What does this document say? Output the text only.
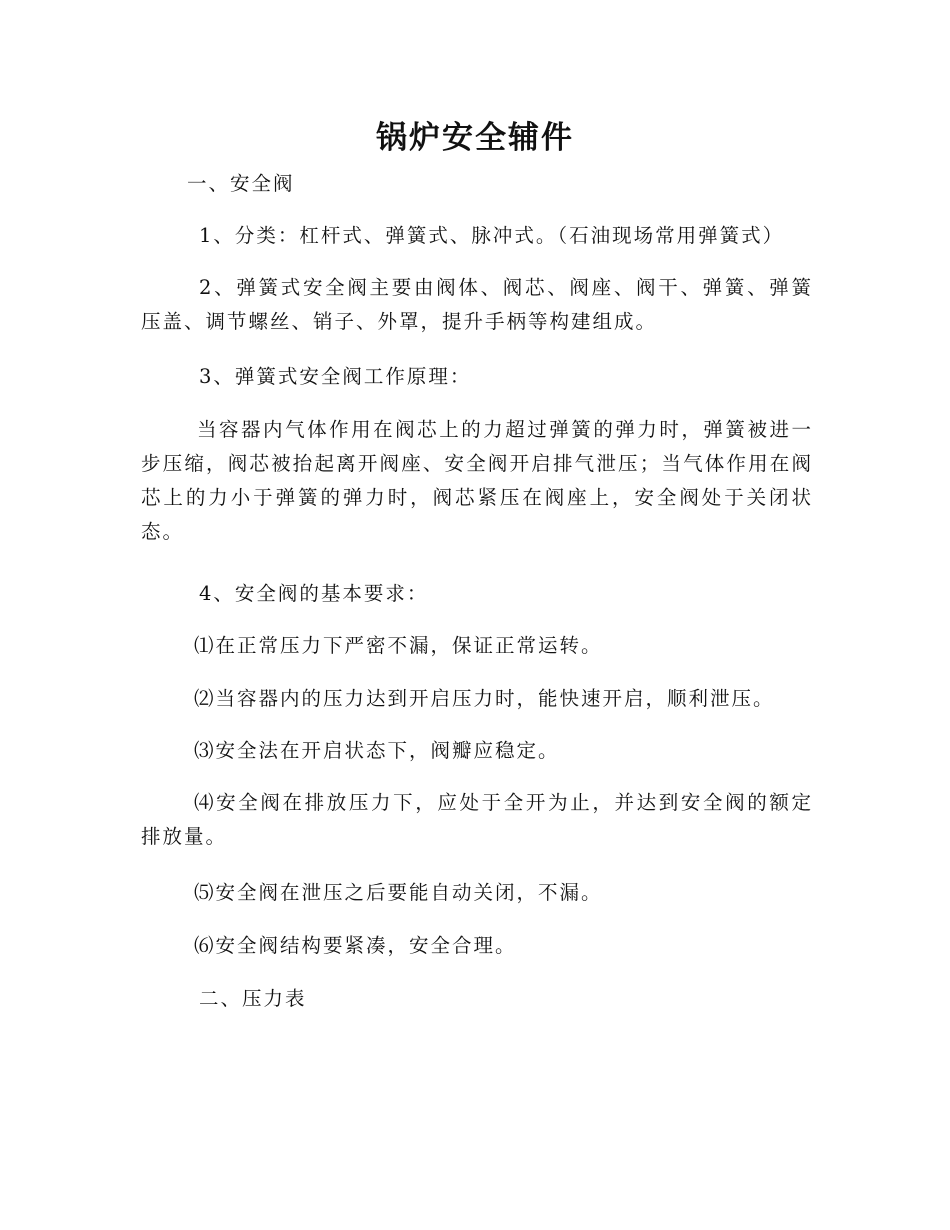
锅炉安全辅件

一、安全阀

1、分类：杠杆式、弹簧式、脉冲式。（石油现场常用弹簧式）

2、弹簧式安全阀主要由阀体、阀芯、阀座、阀干、弹簧、弹簧压盖、调节螺丝、销子、外罩，提升手柄等构建组成。

3、弹簧式安全阀工作原理：

当容器内气体作用在阀芯上的力超过弹簧的弹力时，弹簧被进一步压缩，阀芯被抬起离开阀座、安全阀开启排气泄压；当气体作用在阀芯上的力小于弹簧的弹力时，阀芯紧压在阀座上，安全阀处于关闭状态。

4、安全阀的基本要求：

⑴在正常压力下严密不漏，保证正常运转。

⑵当容器内的压力达到开启压力时，能快速开启，顺利泄压。

⑶安全法在开启状态下，阀瓣应稳定。

⑷安全阀在排放压力下，应处于全开为止，并达到安全阀的额定排放量。

⑸安全阀在泄压之后要能自动关闭，不漏。

⑹安全阀结构要紧凑，安全合理。

二、压力表
